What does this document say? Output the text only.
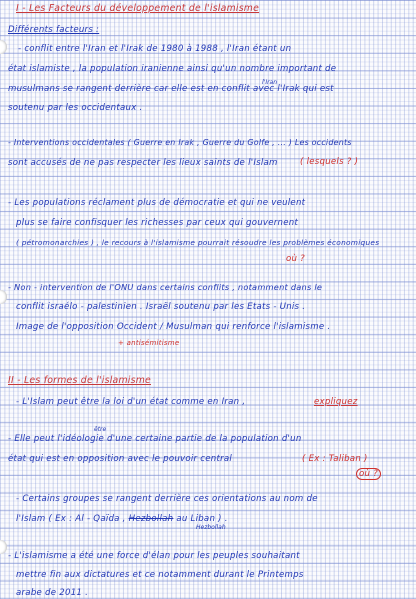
I - Les Facteurs du développement de l'islamisme
Différents facteurs :
- conflit entre l'Iran et l'Irak de 1980 à 1988 , l'Iran étant un
état islamiste , la population iranienne ainsi qu'un nombre important de
l'Iran
musulmans se rangent derrière car elle est en conflit avec l'Irak qui est
soutenu par les occidentaux .
- Interventions occidentales ( Guerre en Irak , Guerre du Golfe , ... ) Les occidents
sont accusés de ne pas respecter les lieux saints de l'Islam	( lesquels ? )
- Les populations réclament plus de démocratie et qui ne veulent
plus se faire confisquer les richesses par ceux qui gouvernent
( pétromonarchies ) , le recours à l'islamisme pourrait résoudre les problèmes économiques
où ?
- Non - intervention de l'ONU dans certains conflits , notamment dans le
conflit israélo - palestinien . Israël soutenu par les Etats - Unis .
Image de l'opposition Occident / Musulman qui renforce l'islamisme .
+ antisémitisme
II - Les formes de l'islamisme
- L'Islam peut être la loi d'un état comme en Iran ,	expliquez
être
- Elle peut l'idéologie d'une certaine partie de la population d'un
état qui est en opposition avec le pouvoir central	( Ex : Taliban )
où ?
- Certains groupes se rangent derrière ces orientations au nom de
Hezbollah
l'Islam ( Ex : Al - Qaïda , Hezbollah au Liban ) .
- L'islamisme a été une force d'élan pour les peuples souhaitant
mettre fin aux dictatures et ce notamment durant le Printemps
arabe de 2011 .
